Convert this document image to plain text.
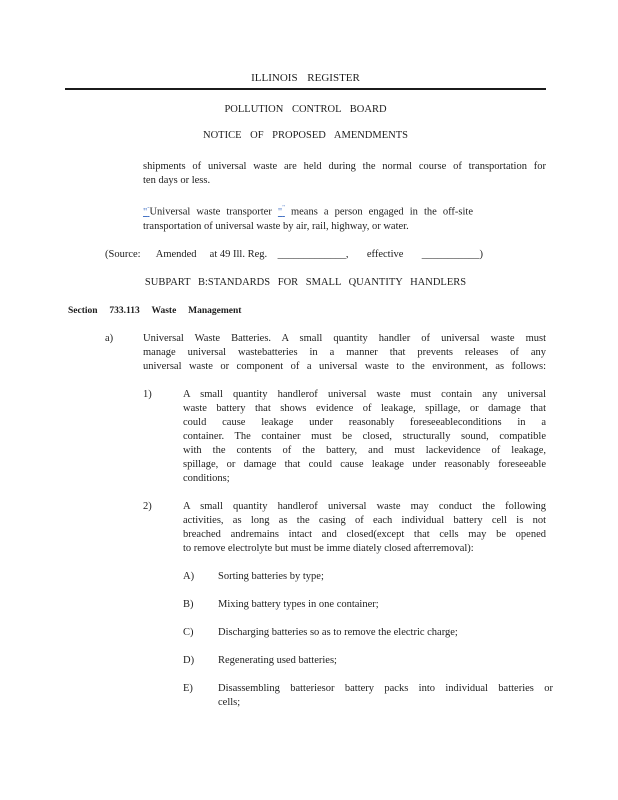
ILLINOIS REGISTER
POLLUTION CONTROL BOARD
NOTICE OF PROPOSED AMENDMENTS
shipments of universal waste are held during the normal course of transportation for
ten days or less.
"-Universal waste transporter "" means a person engaged in the off-site
transportation of universal waste by air, rail, highway, or water.
(Source:      Amended     at 49 Ill. Reg.    _____________,       effective       ___________)
SUBPART B:STANDARDS FOR SMALL QUANTITY HANDLERS
Section     733.113     Waste     Management
a)	Universal Waste Batteries. A small quantity handler of universal waste must
manage universal wastebatteries in a manner that prevents releases of any
universal waste or component of a universal waste to the environment, as follows:
1)	A small quantity handlerof universal waste must contain any universal
waste battery that shows evidence of leakage, spillage, or damage that
could cause leakage under reasonably foreseeableconditions in a
container. The container must be closed, structurally sound, compatible
with the contents of the battery, and must lackevidence of leakage,
spillage, or damage that could cause leakage under reasonably foreseeable
conditions;
2)	A small quantity handlerof universal waste may conduct the following
activities, as long as the casing of each individual battery cell is not
breached andremains intact and closed(except that cells may be opened
to remove electrolyte but must be imme diately closed afterremoval):
A)	Sorting batteries by type;
B)	Mixing battery types in one container;
C)	Discharging batteries so as to remove the electric charge;
D)	Regenerating used batteries;
E)	Disassembling batteriesor battery packs into individual batteries or
cells;
